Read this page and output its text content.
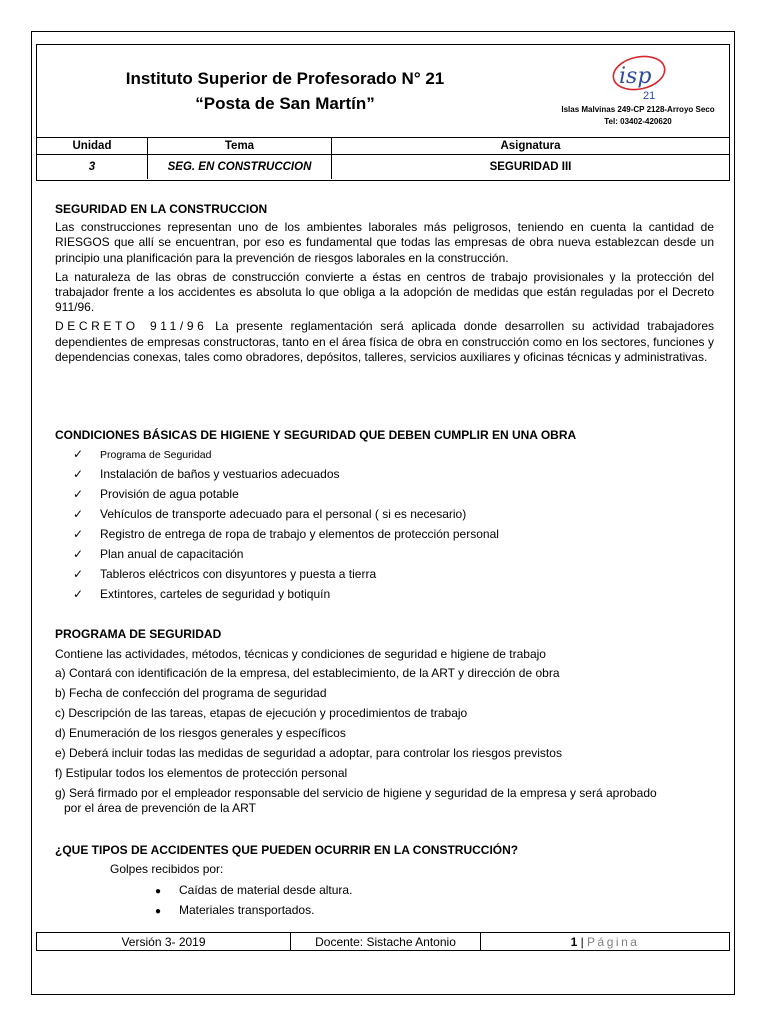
Instituto Superior de Profesorado N° 21
“Posta de San Martín”
isp
21
Islas Malvinas 249-CP 2128-Arroyo Seco
Tel: 03402-420620
Unidad	Tema	Asignatura
3	SEG. EN CONSTRUCCION	SEGURIDAD III

SEGURIDAD EN LA CONSTRUCCION

Las construcciones representan uno de los ambientes laborales más peligrosos, teniendo en cuenta la cantidad de RIESGOS que allí se encuentran, por eso es fundamental que todas las empresas de obra nueva establezcan desde un principio una planificación para la prevención de riesgos laborales en la construcción.

La naturaleza de las obras de construcción convierte a éstas en centros de trabajo provisionales y la protección del trabajador frente a los accidentes es absoluta lo que obliga a la adopción de medidas que están reguladas por el Decreto 911/96.

DECRETO 911/96 La presente reglamentación será aplicada donde desarrollen su actividad trabajadores dependientes de empresas constructoras, tanto en el área física de obra en construcción como en los sectores, funciones y dependencias conexas, tales como obradores, depósitos, talleres, servicios auxiliares y oficinas técnicas y administrativas.

CONDICIONES BÁSICAS DE HIGIENE Y SEGURIDAD QUE DEBEN CUMPLIR EN UNA OBRA

✓ Programa de Seguridad
✓ Instalación de baños y vestuarios adecuados
✓ Provisión de agua potable
✓ Vehículos de transporte adecuado para el personal ( si es necesario)
✓ Registro de entrega de ropa de trabajo y elementos de protección personal
✓ Plan anual de capacitación
✓ Tableros eléctricos con disyuntores y puesta a tierra
✓ Extintores, carteles de seguridad y botiquín

PROGRAMA DE SEGURIDAD

Contiene las actividades, métodos, técnicas y condiciones de seguridad e higiene de trabajo

a) Contará con identificación de la empresa, del establecimiento, de la ART y dirección de obra
b) Fecha de confección del programa de seguridad
c) Descripción de las tareas, etapas de ejecución y procedimientos de trabajo
d) Enumeración de los riesgos generales y específicos
e) Deberá incluir todas las medidas de seguridad a adoptar, para controlar los riesgos previstos
f) Estipular todos los elementos de protección personal
g) Será firmado por el empleador responsable del servicio de higiene y seguridad de la empresa y será aprobado
por el área de prevención de la ART

¿QUE TIPOS DE ACCIDENTES QUE PUEDEN OCURRIR EN LA CONSTRUCCIÓN?

Golpes recibidos por:

● Caídas de material desde altura.
● Materiales transportados.
Versión 3- 2019	Docente: Sistache Antonio	1 | Página
